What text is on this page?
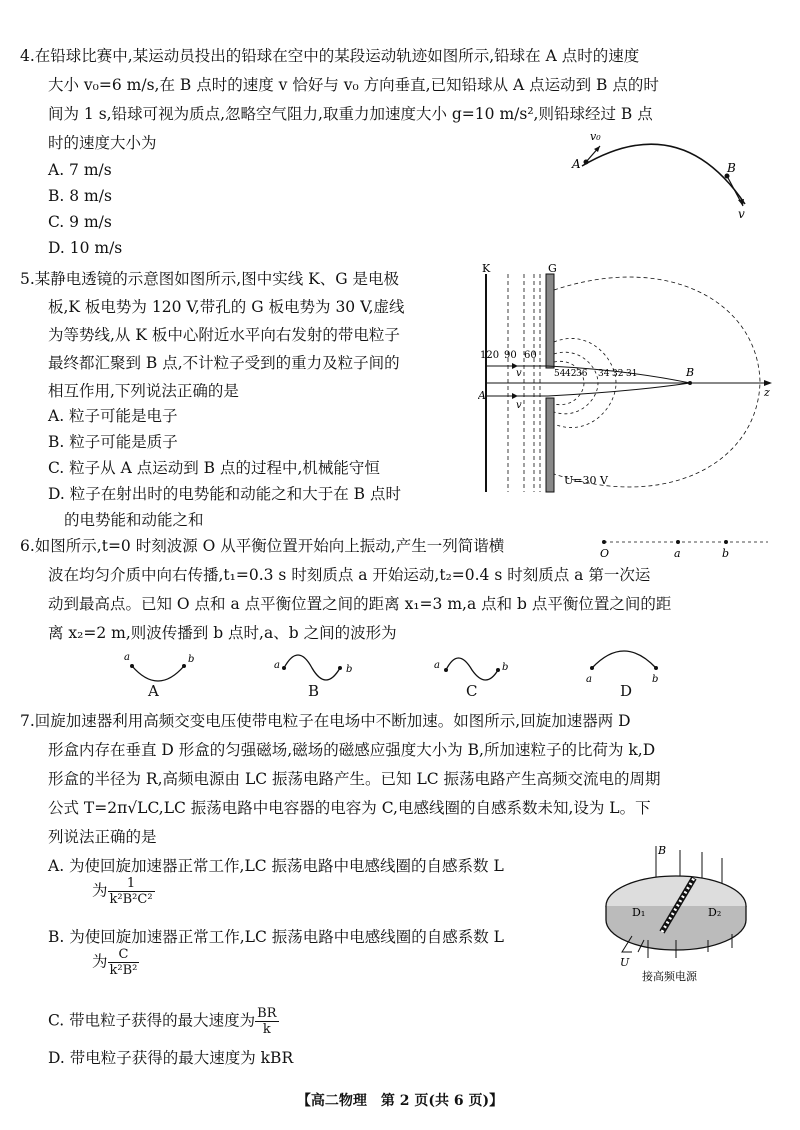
4.在铅球比赛中,某运动员投出的铅球在空中的某段运动轨迹如图所示,铅球在 A 点时的速度
大小 v₀=6 m/s,在 B 点时的速度 v 恰好与 v₀ 方向垂直,已知铅球从 A 点运动到 B 点的时
间为 1 s,铅球可视为质点,忽略空气阻力,取重力加速度大小 g=10 m/s²,则铅球经过 B 点
时的速度大小为
A. 7 m/s
B. 8 m/s
C. 9 m/s
D. 10 m/s
v₀
A	B
v
5.某静电透镜的示意图如图所示,图中实线 K、G 是电极
板,K 板电势为 120 V,带孔的 G 板电势为 30 V,虚线
为等势线,从 K 板中心附近水平向右发射的带电粒子
最终都汇聚到 B 点,不计粒子受到的重力及粒子间的
相互作用,下列说法正确的是
A. 粒子可能是电子
B. 粒子可能是质子
C. 粒子从 A 点运动到 B 点的过程中,机械能守恒
D. 粒子在射出时的电势能和动能之和大于在 B 点时
的电势能和动能之和
K	G
120 90 60
54 42 36 34 32 31
v
v
A
B
z
U=30 V
6.如图所示,t=0 时刻波源 O 从平衡位置开始向上振动,产生一列简谐横
波在均匀介质中向右传播,t₁=0.3 s 时刻质点 a 开始运动,t₂=0.4 s 时刻质点 a 第一次运
动到最高点。已知 O 点和 a 点平衡位置之间的距离 x₁=3 m,a 点和 b 点平衡位置之间的距
离 x₂=2 m,则波传播到 b 点时,a、b 之间的波形为
O	a	b
a	b
a	b	a	b
a	b
A	B	C	D
7.回旋加速器利用高频交变电压使带电粒子在电场中不断加速。如图所示,回旋加速器两 D
形盒内存在垂直 D 形盒的匀强磁场,磁场的磁感应强度大小为 B,所加速粒子的比荷为 k,D
形盒的半径为 R,高频电源由 LC 振荡电路产生。已知 LC 振荡电路产生高频交流电的周期
公式 T=2π√LC,LC 振荡电路中电容器的电容为 C,电感线圈的自感系数未知,设为 L。下
列说法正确的是
A. 为使回旋加速器正常工作,LC 振荡电路中电感线圈的自感系数 L
为 $\frac{1}{\text{k²B²C²}}$
B. 为使回旋加速器正常工作,LC 振荡电路中电感线圈的自感系数 L
为 $\frac{C}{\text{k²B²}}$
C. 带电粒子获得的最大速度为 $\frac{BR}{k}$
D. 带电粒子获得的最大速度为 kBR
B
D₁	D₂
U
接高频电源
【高二物理　第 2 页(共 6 页)】
